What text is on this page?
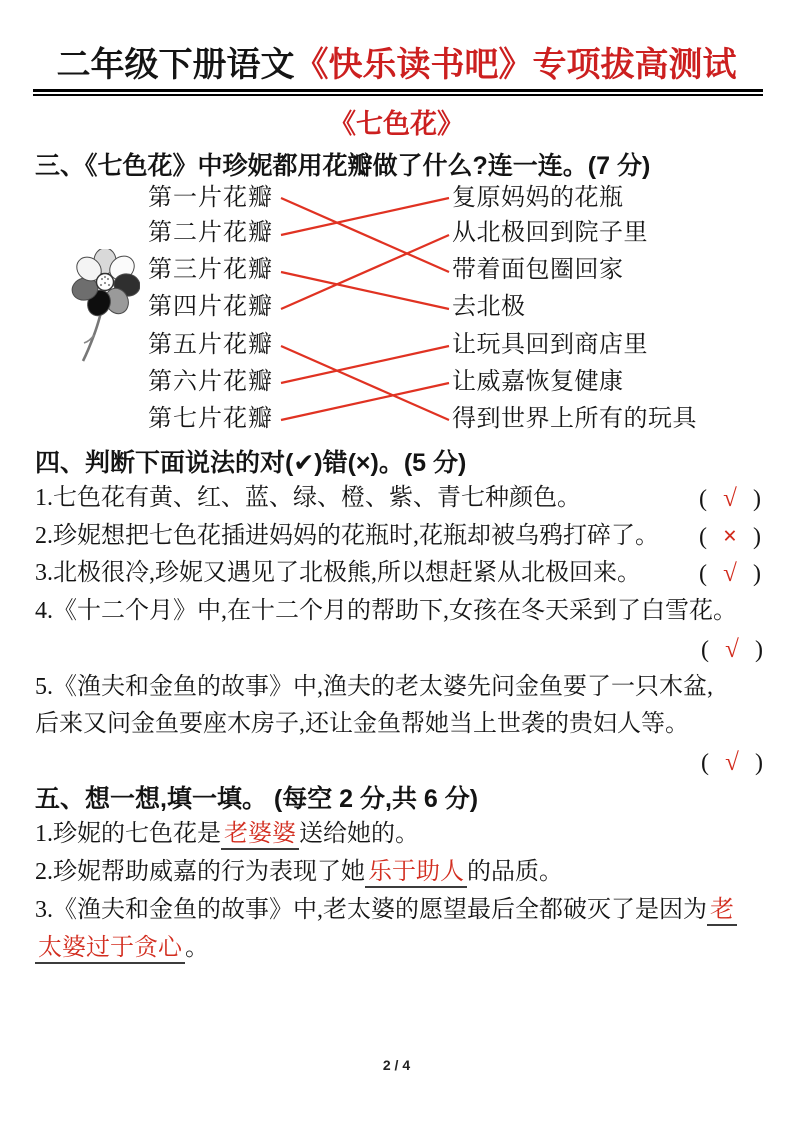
二年级下册语文《快乐读书吧》专项拔高测试
《七色花》
三、《七色花》中珍妮都用花瓣做了什么?连一连。(7 分)
第一片花瓣
第二片花瓣
第三片花瓣
第四片花瓣
第五片花瓣
第六片花瓣
第七片花瓣
复原妈妈的花瓶
从北极回到院子里
带着面包圈回家
去北极
让玩具回到商店里
让威嘉恢复健康
得到世界上所有的玩具
四、判断下面说法的对(✔)错(×)。(5 分)
1.七色花有黄、红、蓝、绿、橙、紫、青七种颜色。	( √ )
2.珍妮想把七色花插进妈妈的花瓶时,花瓶却被乌鸦打碎了。 ( × )
3.北极很冷,珍妮又遇见了北极熊,所以想赶紧从北极回来。 ( √ )
4.《十二个月》中,在十二个月的帮助下,女孩在冬天采到了白雪花。
( √ )
5.《渔夫和金鱼的故事》中,渔夫的老太婆先问金鱼要了一只木盆,
后来又问金鱼要座木房子,还让金鱼帮她当上世袭的贵妇人等。
( √ )
五、想一想,填一填。 (每空 2 分,共 6 分)
1.珍妮的七色花是 老婆婆 送给她的。
2.珍妮帮助威嘉的行为表现了她 乐于助人 的品质。
3.《渔夫和金鱼的故事》中,老太婆的愿望最后全都破灭了是因为 老
太婆过于贪心 。
2 / 4
